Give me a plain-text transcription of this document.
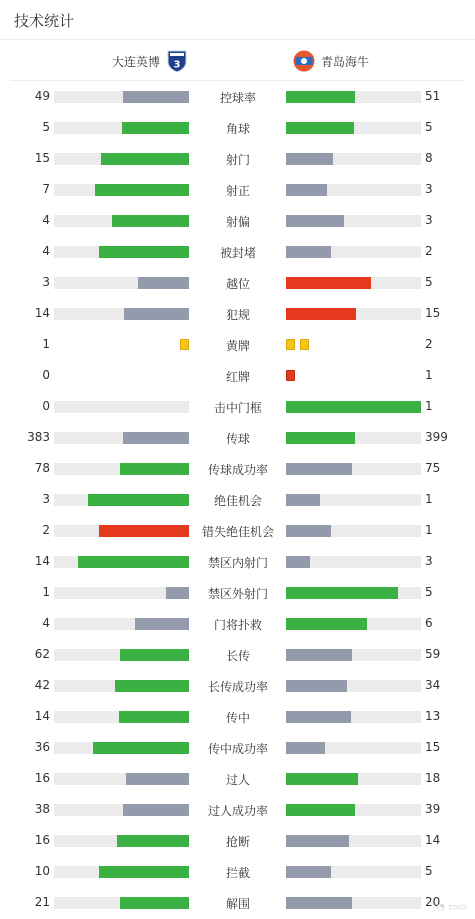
技术统计
大连英博 3	青岛海牛
49	控球率	51
5	角球	5
15	射门	8
7	射正	3
4	射偏	3
4	被封堵	2
3	越位	5
14	犯规	15
1	黄牌	2
0	红牌	1
0	击中门框	1
383	传球	399
78	传球成功率	75
3	绝佳机会	1
2	错失绝佳机会	1
14	禁区内射门	3
1	禁区外射门	5
4	门将扑救	6
62	长传	59
42	长传成功率	34
14	传中	13
36	传中成功率	15
16	过人	18
38	过人成功率	39
16	抢断	14
10	拦截	5
21	解围	20
◔ ▭▭
